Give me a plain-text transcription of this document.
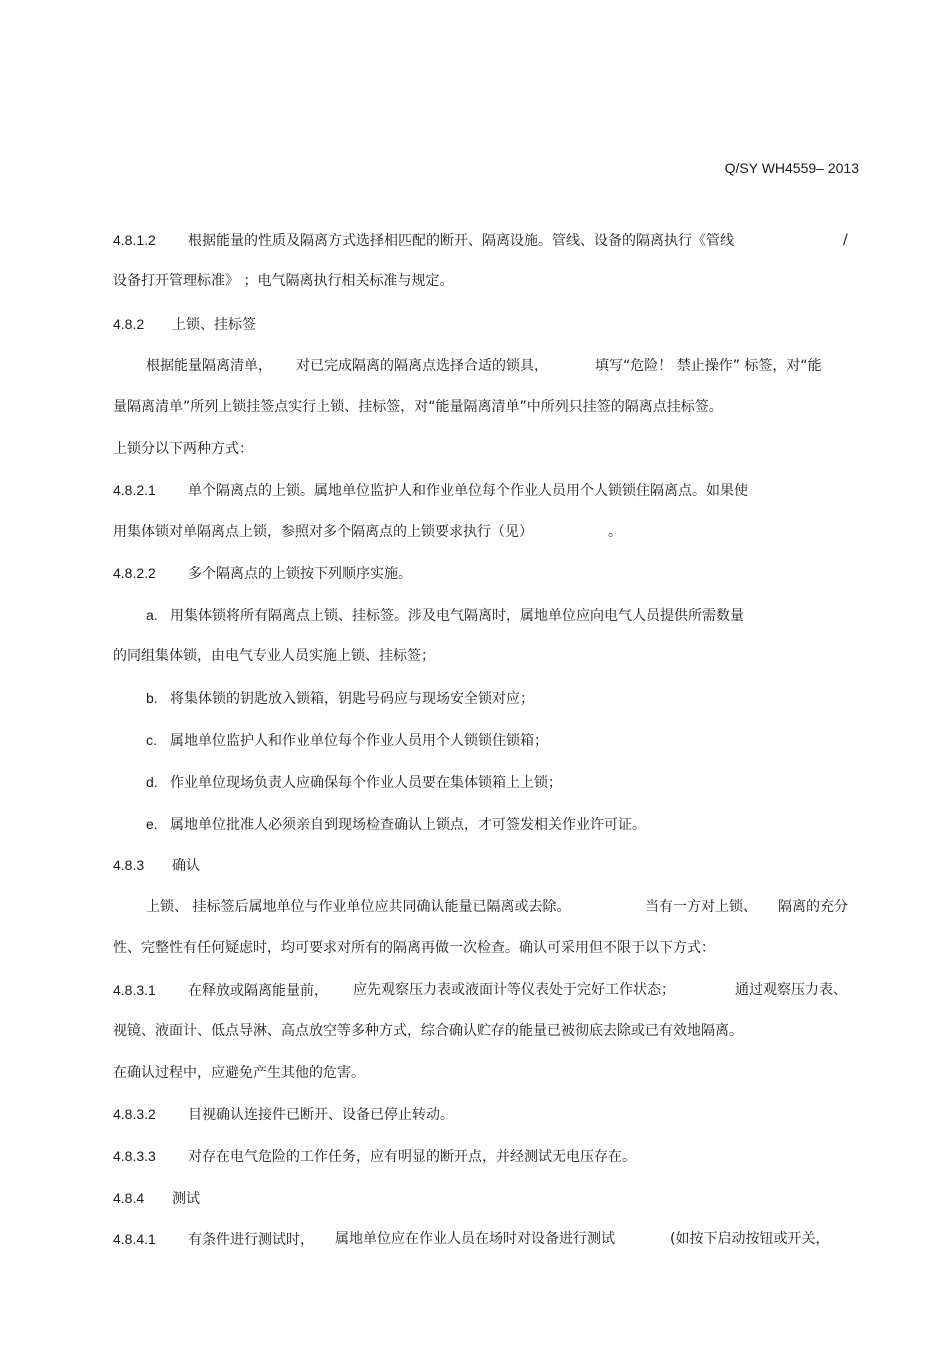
Q/SY WH4559– 2013
4.8.1.2 根据能量的性质及隔离方式选择相匹配的断开、隔离设施。管线、设备的隔离执行《管线	/
设备打开管理标准》 ；电气隔离执行相关标准与规定。
4.8.2 上锁、挂标签
根据能量隔离清单， 对已完成隔离的隔离点选择合适的锁具，	填写“危险！ 禁止操作” 标签，对“能
量隔离清单”所列上锁挂签点实行上锁、挂标签，对“能量隔离清单”中所列只挂签的隔离点挂标签。
上锁分以下两种方式：
4.8.2.1 单个隔离点的上锁。属地单位监护人和作业单位每个作业人员用个人锁锁住隔离点。如果使
用集体锁对单隔离点上锁，参照对多个隔离点的上锁要求执行（见）	。
4.8.2.2 多个隔离点的上锁按下列顺序实施。
a. 用集体锁将所有隔离点上锁、挂标签。涉及电气隔离时，属地单位应向电气人员提供所需数量
的同组集体锁，由电气专业人员实施上锁、挂标签；
b. 将集体锁的钥匙放入锁箱，钥匙号码应与现场安全锁对应；
c. 属地单位监护人和作业单位每个作业人员用个人锁锁住锁箱；
d. 作业单位现场负责人应确保每个作业人员要在集体锁箱上上锁；
e. 属地单位批准人必须亲自到现场检查确认上锁点，才可签发相关作业许可证。
4.8.3 确认
上锁、 挂标签后属地单位与作业单位应共同确认能量已隔离或去除。	当有一方对上锁、 隔离的充分
性、完整性有任何疑虑时，均可要求对所有的隔离再做一次检查。确认可采用但不限于以下方式：
4.8.3.1 在释放或隔离能量前， 应先观察压力表或液面计等仪表处于完好工作状态；	通过观察压力表、
视镜、液面计、低点导淋、高点放空等多种方式，综合确认贮存的能量已被彻底去除或已有效地隔离。
在确认过程中，应避免产生其他的危害。
4.8.3.2 目视确认连接件已断开、设备已停止转动。
4.8.3.3 对存在电气危险的工作任务，应有明显的断开点，并经测试无电压存在。
4.8.4 测试
4.8.4.1 有条件进行测试时， 属地单位应在作业人员在场时对设备进行测试	(如按下启动按钮或开关，
